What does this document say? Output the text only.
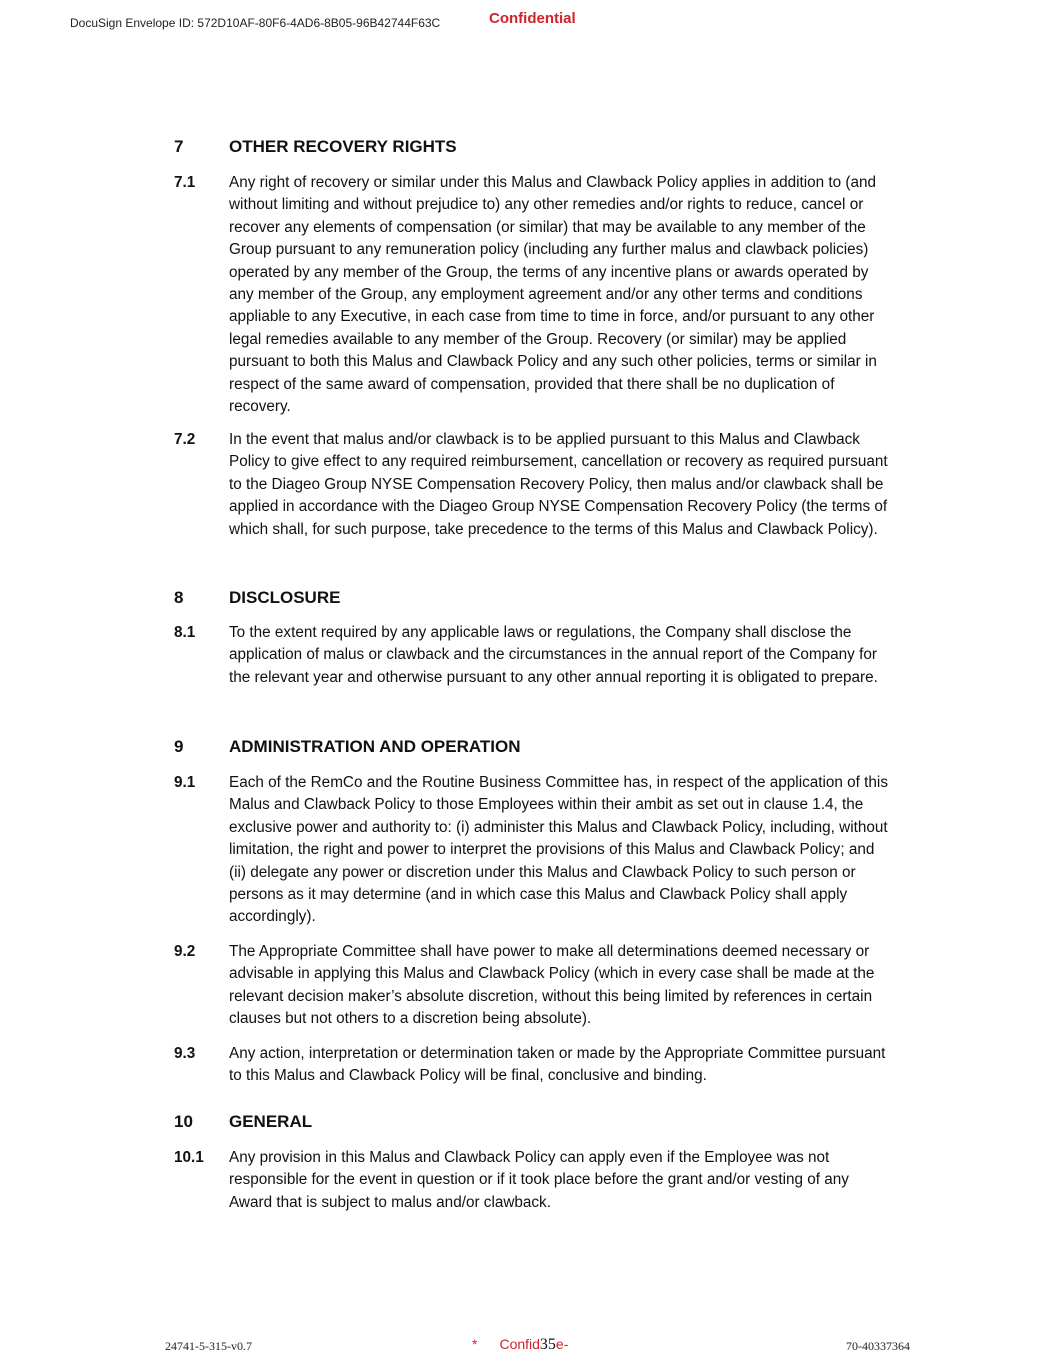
DocuSign Envelope ID: 572D10AF-80F6-4AD6-8B05-96B42744F63C	Confidential
7	OTHER RECOVERY RIGHTS
7.1	Any right of recovery or similar under this Malus and Clawback Policy applies in addition to (and without limiting and without prejudice to) any other remedies and/or rights to reduce, cancel or recover any elements of compensation (or similar) that may be available to any member of the Group pursuant to any remuneration policy (including any further malus and clawback policies) operated by any member of the Group, the terms of any incentive plans or awards operated by any member of the Group, any employment agreement and/or any other terms and conditions appliable to any Executive, in each case from time to time in force, and/or pursuant to any other legal remedies available to any member of the Group. Recovery (or similar) may be applied pursuant to both this Malus and Clawback Policy and any such other policies, terms or similar in respect of the same award of compensation, provided that there shall be no duplication of recovery.
7.2	In the event that malus and/or clawback is to be applied pursuant to this Malus and Clawback Policy to give effect to any required reimbursement, cancellation or recovery as required pursuant to the Diageo Group NYSE Compensation Recovery Policy, then malus and/or clawback shall be applied in accordance with the Diageo Group NYSE Compensation Recovery Policy (the terms of which shall, for such purpose, take precedence to the terms of this Malus and Clawback Policy).
8	DISCLOSURE
8.1	To the extent required by any applicable laws or regulations, the Company shall disclose the application of malus or clawback and the circumstances in the annual report of the Company for the relevant year and otherwise pursuant to any other annual reporting it is obligated to prepare.
9	ADMINISTRATION AND OPERATION
9.1	Each of the RemCo and the Routine Business Committee has, in respect of the application of this Malus and Clawback Policy to those Employees within their ambit as set out in clause 1.4, the exclusive power and authority to: (i) administer this Malus and Clawback Policy, including, without limitation, the right and power to interpret the provisions of this Malus and Clawback Policy; and (ii) delegate any power or discretion under this Malus and Clawback Policy to such person or persons as it may determine (and in which case this Malus and Clawback Policy shall apply accordingly).
9.2	The Appropriate Committee shall have power to make all determinations deemed necessary or advisable in applying this Malus and Clawback Policy (which in every case shall be made at the relevant decision maker’s absolute discretion, without this being limited by references in certain clauses but not others to a discretion being absolute).
9.3	Any action, interpretation or determination taken or made by the Appropriate Committee pursuant to this Malus and Clawback Policy will be final, conclusive and binding.
10	GENERAL
10.1	Any provision in this Malus and Clawback Policy can apply even if the Employee was not responsible for the event in question or if it took place before the grant and/or vesting of any Award that is subject to malus and/or clawback.
24741-5-315-v0.7	* Confid35e-	70-40337364
